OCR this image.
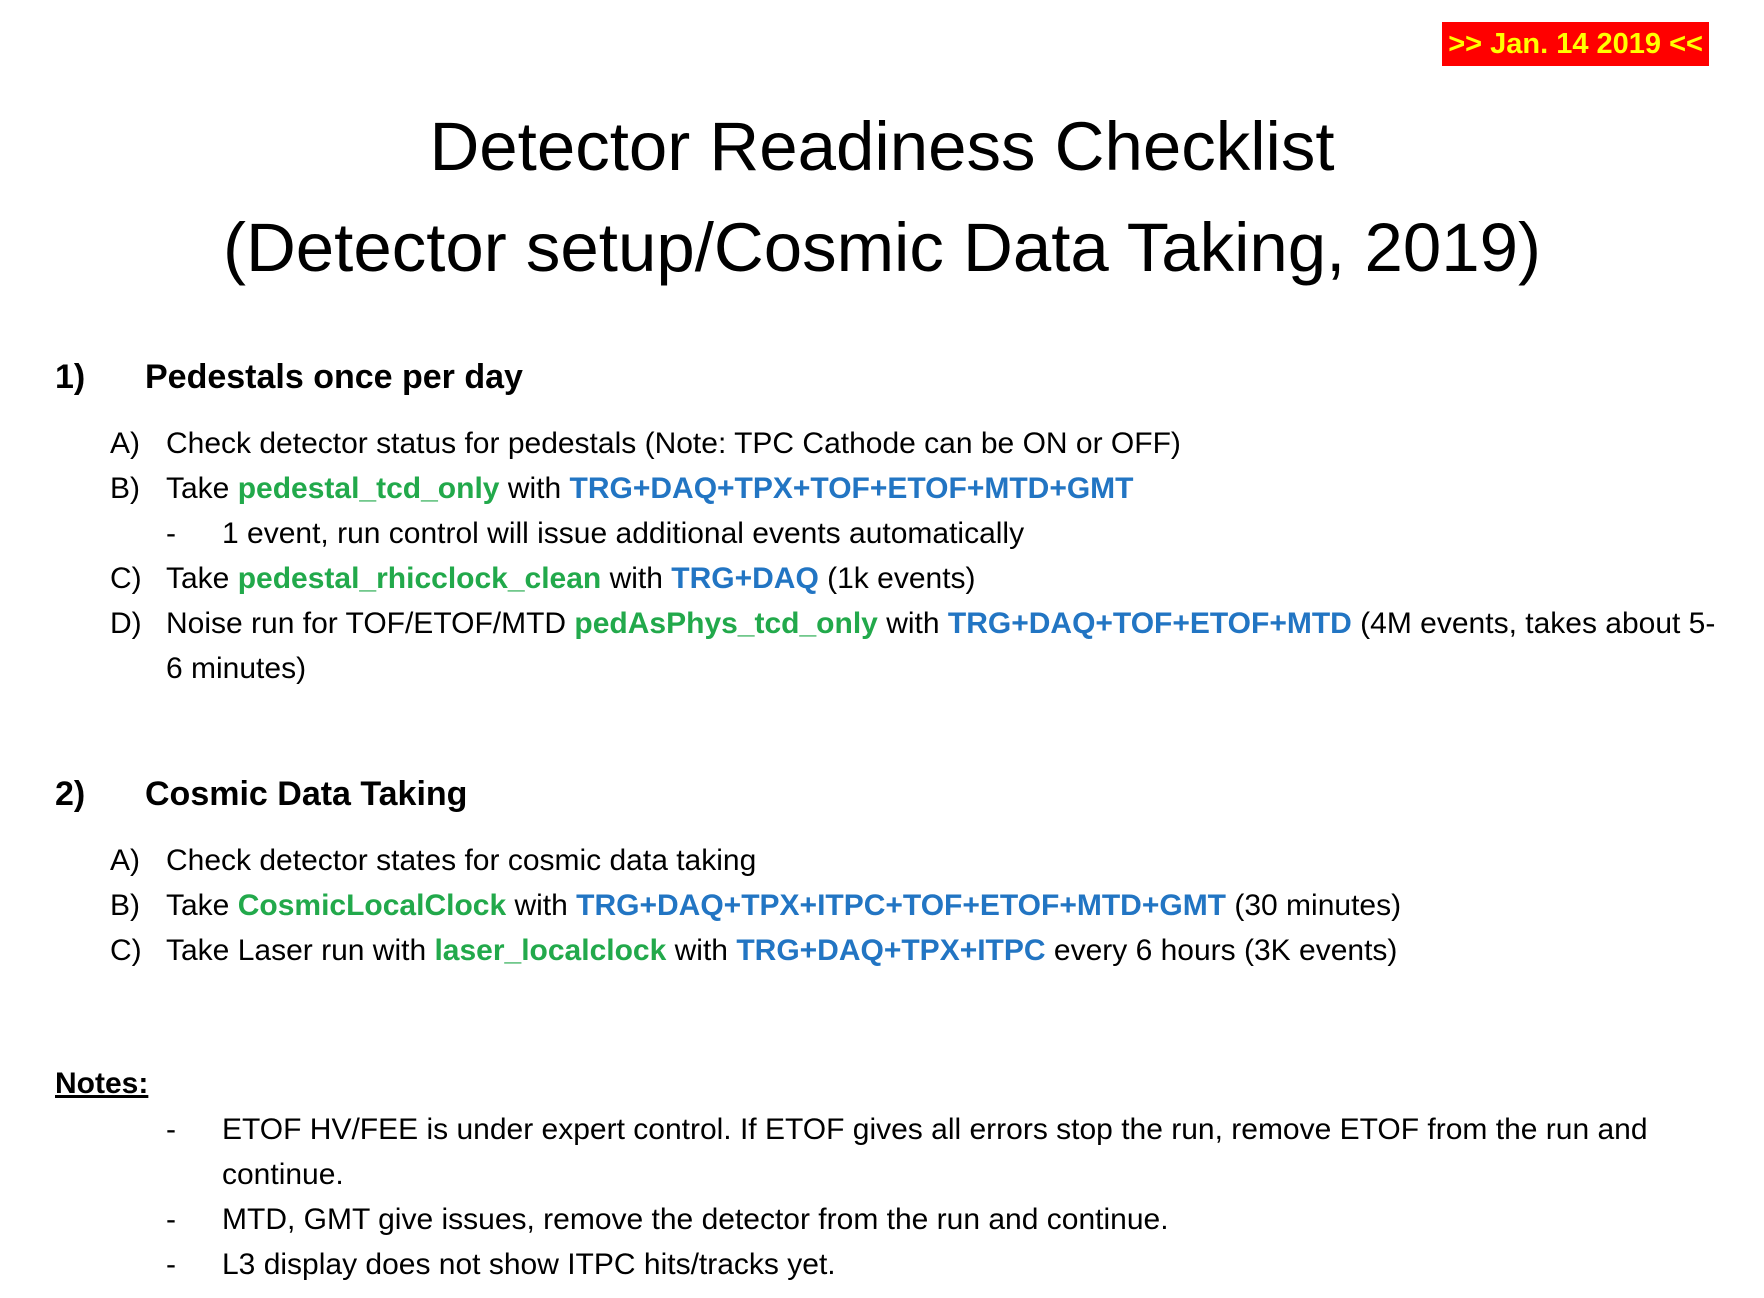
>> Jan. 14 2019 <<
Detector Readiness Checklist
(Detector setup/Cosmic Data Taking, 2019)
1) Pedestals once per day
A) Check detector status for pedestals (Note: TPC Cathode can be ON or OFF)
B) Take pedestal_tcd_only with TRG+DAQ+TPX+TOF+ETOF+MTD+GMT
- 1 event, run control will issue additional events automatically
C) Take pedestal_rhicclock_clean with TRG+DAQ (1k events)
D) Noise run for TOF/ETOF/MTD pedAsPhys_tcd_only with TRG+DAQ+TOF+ETOF+MTD (4M events, takes about 5-6 minutes)
2) Cosmic Data Taking
A) Check detector states for cosmic data taking
B) Take CosmicLocalClock with TRG+DAQ+TPX+ITPC+TOF+ETOF+MTD+GMT (30 minutes)
C) Take Laser run with laser_localclock with TRG+DAQ+TPX+ITPC every 6 hours (3K events)
Notes:
-	ETOF HV/FEE is under expert control. If ETOF gives all errors stop the run, remove ETOF from the run and continue.
-	MTD, GMT give issues, remove the detector from the run and continue.
-	L3 display does not show ITPC hits/tracks yet.
